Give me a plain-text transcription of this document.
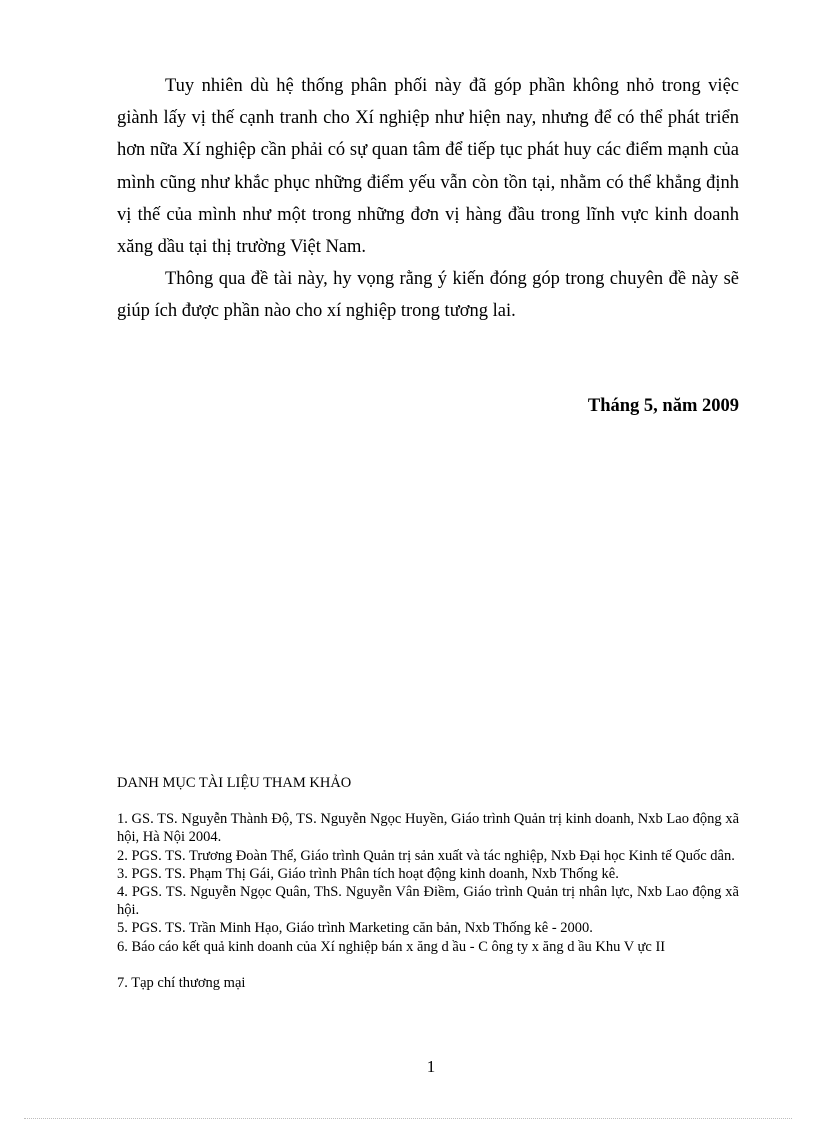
Tuy nhiên dù hệ thống phân phối này đã góp phần không nhỏ trong việc giành lấy vị thế cạnh tranh cho Xí nghiệp như hiện nay, nhưng để có thể phát triển hơn nữa Xí nghiệp cần phải có sự quan tâm để tiếp tục phát huy các điểm mạnh của mình cũng như khắc phục những điểm yếu vẫn còn tồn tại, nhằm có thể khẳng định vị thế của mình như một trong những đơn vị hàng đầu trong lĩnh vực kinh doanh xăng dầu tại thị trường Việt Nam.

Thông qua đề tài này, hy vọng rằng ý kiến đóng góp trong chuyên đề này sẽ giúp ích được phần nào cho xí nghiệp trong tương lai.

Tháng 5, năm 2009

DANH MỤC TÀI LIỆU THAM KHẢO

1. GS. TS. Nguyễn Thành Độ, TS. Nguyễn Ngọc Huyền, Giáo trình Quản trị kinh doanh, Nxb Lao động xã hội, Hà Nội 2004.

2. PGS. TS. Trương Đoàn Thể, Giáo trình Quản trị sản xuất và tác nghiệp, Nxb Đại học Kinh tế Quốc dân.

3. PGS. TS. Phạm Thị Gái, Giáo trình Phân tích hoạt động kinh doanh, Nxb Thống kê.

4. PGS. TS. Nguyễn Ngọc Quân, ThS. Nguyễn Vân Điềm, Giáo trình Quản trị nhân lực, Nxb Lao động xã hội.

5. PGS. TS. Trần Minh Hạo, Giáo trình Marketing căn bản, Nxb Thống kê - 2000.

6. Báo cáo kết quả kinh doanh của Xí nghiệp bán x ăng d ầu - C ông ty x ăng d ầu Khu V ực II

7. Tạp chí thương mại

1
